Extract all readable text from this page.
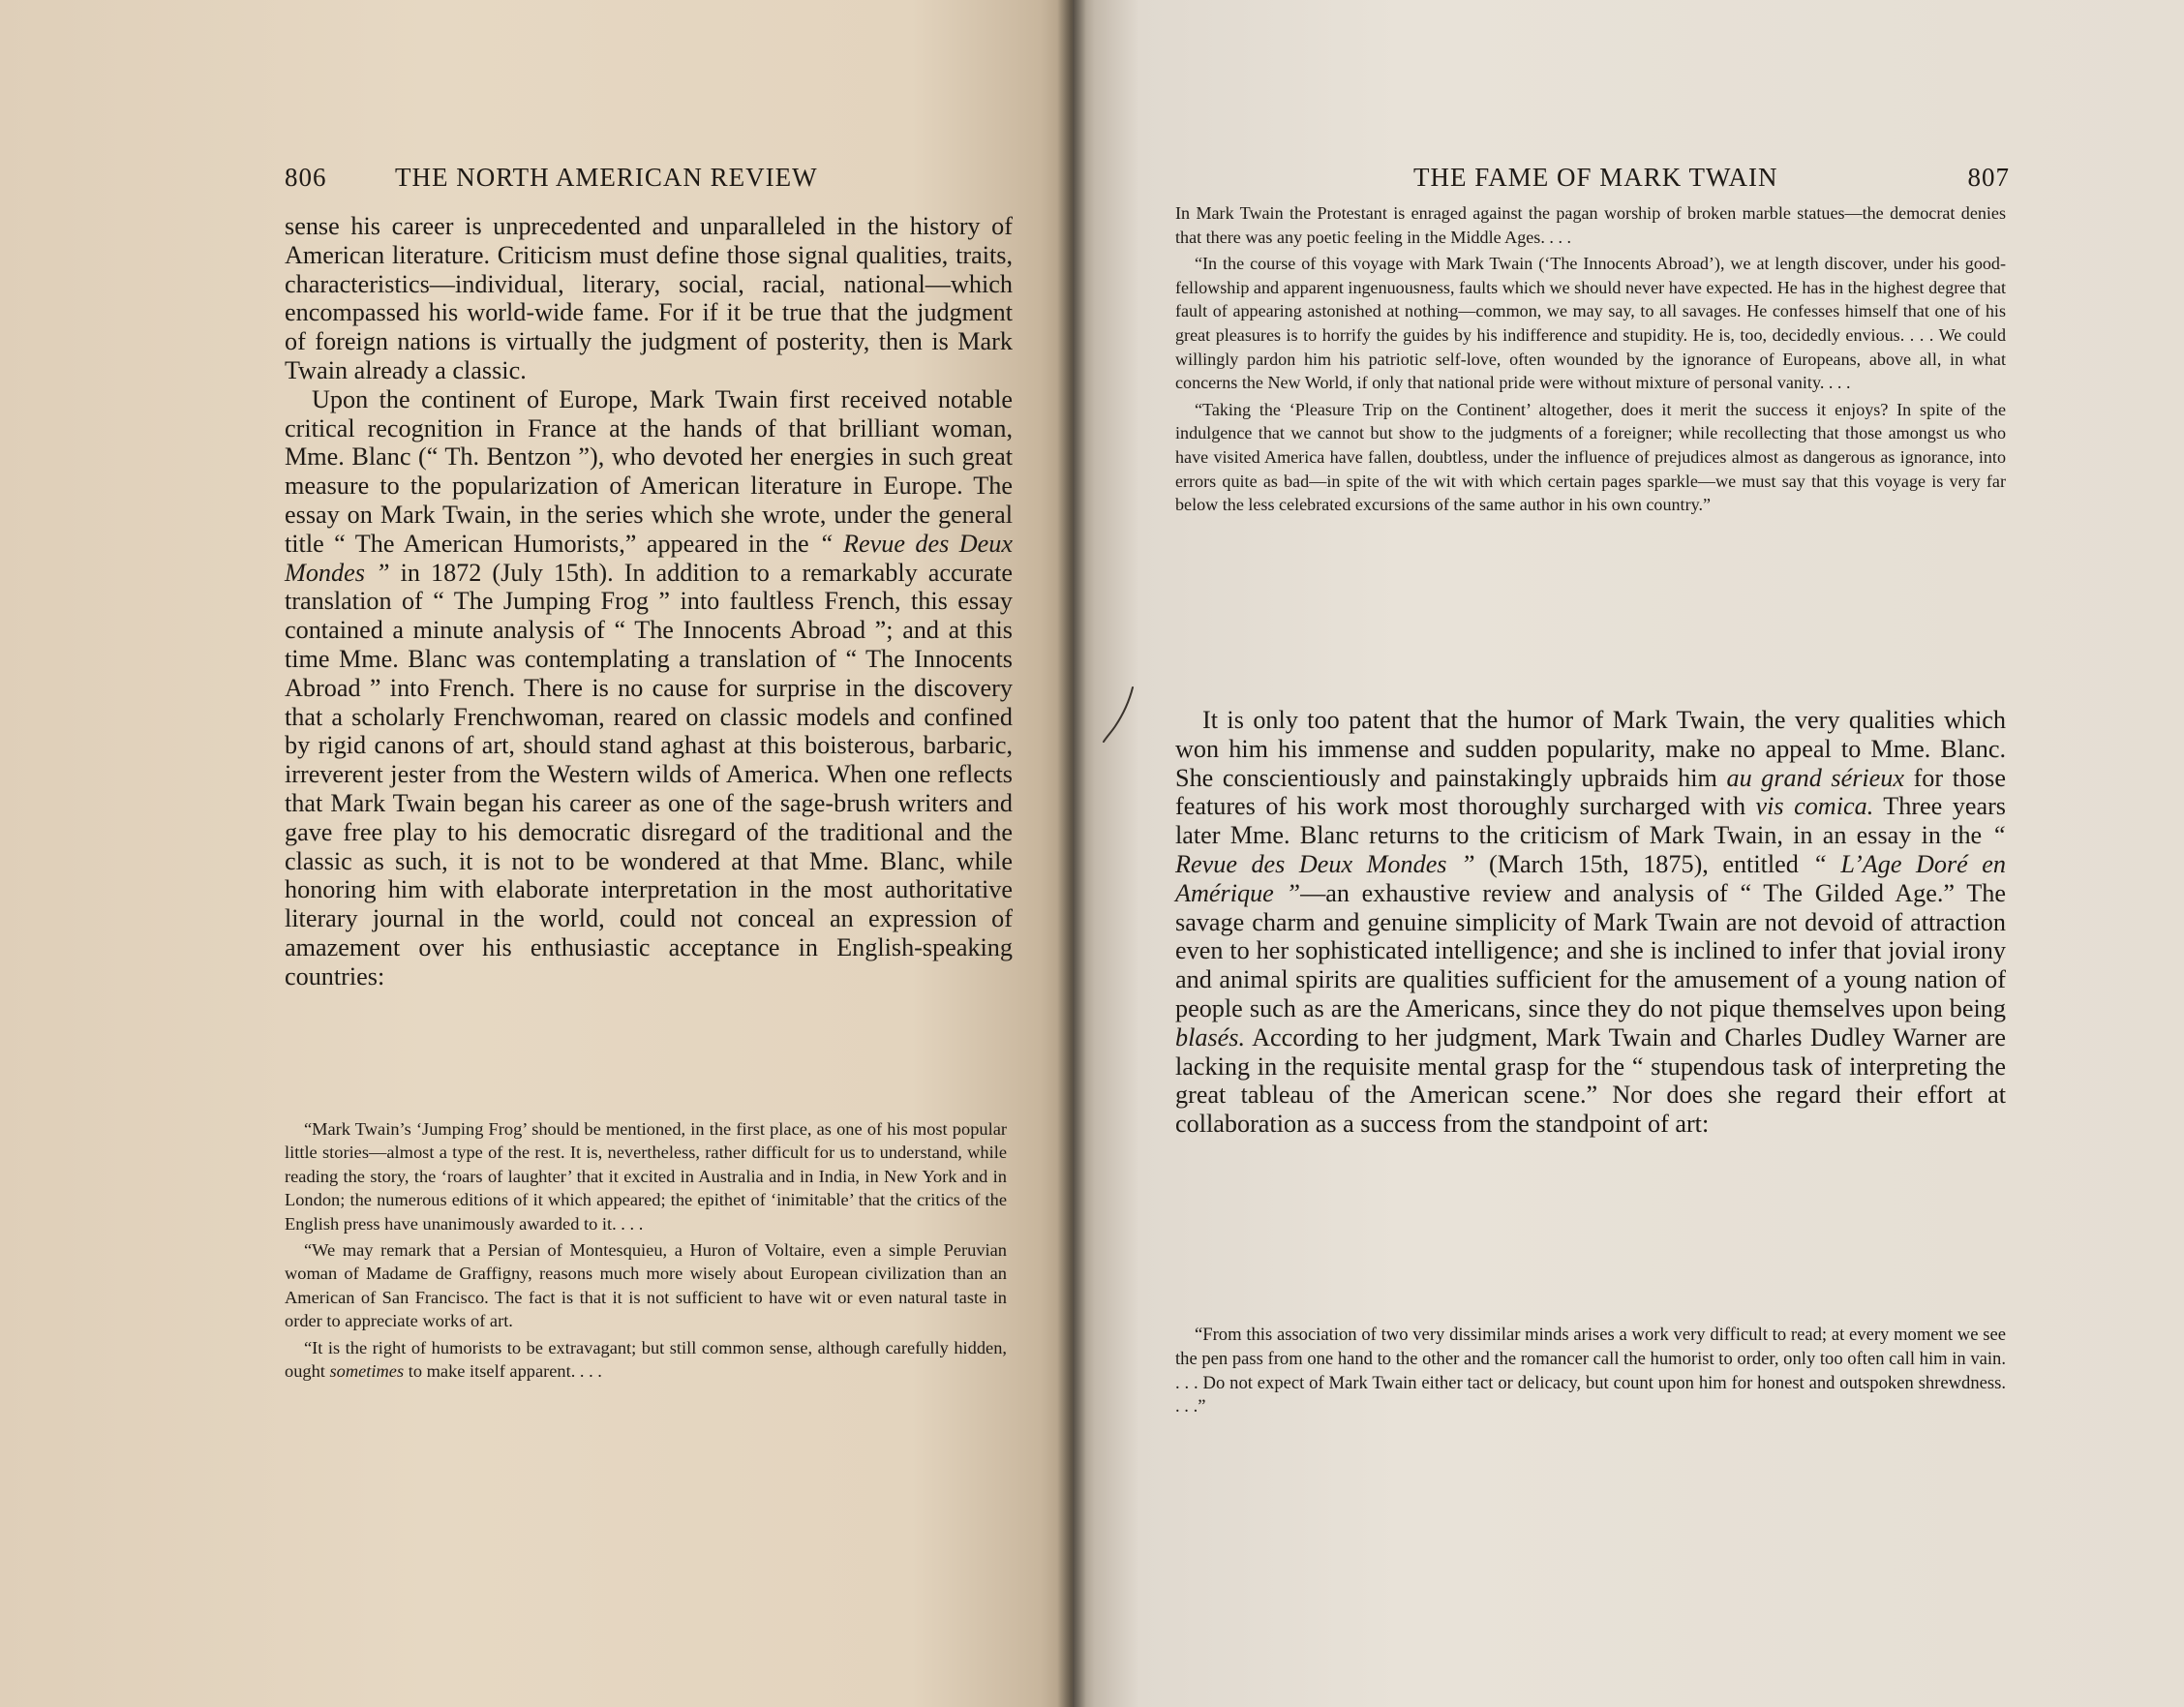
806	THE NORTH AMERICAN REVIEW

sense his career is unprecedented and unparalleled in the history of American literature. Criticism must define those signal qualities, traits, characteristics—individual, literary, social, racial, national—which encompassed his world-wide fame. For if it be true that the judgment of foreign nations is virtually the judgment of posterity, then is Mark Twain already a classic.

Upon the continent of Europe, Mark Twain first received notable critical recognition in France at the hands of that brilliant woman, Mme. Blanc (“ Th. Bentzon ”), who devoted her energies in such great measure to the popularization of American literature in Europe. The essay on Mark Twain, in the series which she wrote, under the general title “ The American Humorists,” appeared in the “ Revue des Deux Mondes ” in 1872 (July 15th). In addition to a remarkably accurate translation of “ The Jumping Frog ” into faultless French, this essay contained a minute analysis of “ The Innocents Abroad ”; and at this time Mme. Blanc was contemplating a translation of “ The Innocents Abroad ” into French. There is no cause for surprise in the discovery that a scholarly Frenchwoman, reared on classic models and confined by rigid canons of art, should stand aghast at this boisterous, barbaric, irreverent jester from the Western wilds of America. When one reflects that Mark Twain began his career as one of the sage-brush writers and gave free play to his democratic disregard of the traditional and the classic as such, it is not to be wondered at that Mme. Blanc, while honoring him with elaborate interpretation in the most authoritative literary journal in the world, could not conceal an expression of amazement over his enthusiastic acceptance in English-speaking countries:

“Mark Twain’s ‘Jumping Frog’ should be mentioned, in the first place, as one of his most popular little stories—almost a type of the rest. It is, nevertheless, rather difficult for us to understand, while reading the story, the ‘roars of laughter’ that it excited in Australia and in India, in New York and in London; the numerous editions of it which appeared; the epithet of ‘inimitable’ that the critics of the English press have unanimously awarded to it. . . .

“We may remark that a Persian of Montesquieu, a Huron of Voltaire, even a simple Peruvian woman of Madame de Graffigny, reasons much more wisely about European civilization than an American of San Francisco. The fact is that it is not sufficient to have wit or even natural taste in order to appreciate works of art.

“It is the right of humorists to be extravagant; but still common sense, although carefully hidden, ought sometimes to make itself apparent. . . .

THE FAME OF MARK TWAIN	807

In Mark Twain the Protestant is enraged against the pagan worship of broken marble statues—the democrat denies that there was any poetic feeling in the Middle Ages. . . .

“In the course of this voyage with Mark Twain (‘The Innocents Abroad’), we at length discover, under his good-fellowship and apparent ingenuousness, faults which we should never have expected. He has in the highest degree that fault of appearing astonished at nothing—common, we may say, to all savages. He confesses himself that one of his great pleasures is to horrify the guides by his indifference and stupidity. He is, too, decidedly envious. . . . We could willingly pardon him his patriotic self-love, often wounded by the ignorance of Europeans, above all, in what concerns the New World, if only that national pride were without mixture of personal vanity. . . .

“Taking the ‘Pleasure Trip on the Continent’ altogether, does it merit the success it enjoys? In spite of the indulgence that we cannot but show to the judgments of a foreigner; while recollecting that those amongst us who have visited America have fallen, doubtless, under the influence of prejudices almost as dangerous as ignorance, into errors quite as bad—in spite of the wit with which certain pages sparkle—we must say that this voyage is very far below the less celebrated excursions of the same author in his own country.”

It is only too patent that the humor of Mark Twain, the very qualities which won him his immense and sudden popularity, make no appeal to Mme. Blanc. She conscientiously and painstakingly upbraids him au grand sérieux for those features of his work most thoroughly surcharged with vis comica. Three years later Mme. Blanc returns to the criticism of Mark Twain, in an essay in the “ Revue des Deux Mondes ” (March 15th, 1875), entitled “ L’Age Doré en Amérique ”—an exhaustive review and analysis of “ The Gilded Age.” The savage charm and genuine simplicity of Mark Twain are not devoid of attraction even to her sophisticated intelligence; and she is inclined to infer that jovial irony and animal spirits are qualities sufficient for the amusement of a young nation of people such as are the Americans, since they do not pique themselves upon being blasés. According to her judgment, Mark Twain and Charles Dudley Warner are lacking in the requisite mental grasp for the “ stupendous task of interpreting the great tableau of the American scene.” Nor does she regard their effort at collaboration as a success from the standpoint of art:

“From this association of two very dissimilar minds arises a work very difficult to read; at every moment we see the pen pass from one hand to the other and the romancer call the humorist to order, only too often call him in vain. . . . Do not expect of Mark Twain either tact or delicacy, but count upon him for honest and outspoken shrewdness. . . .”
